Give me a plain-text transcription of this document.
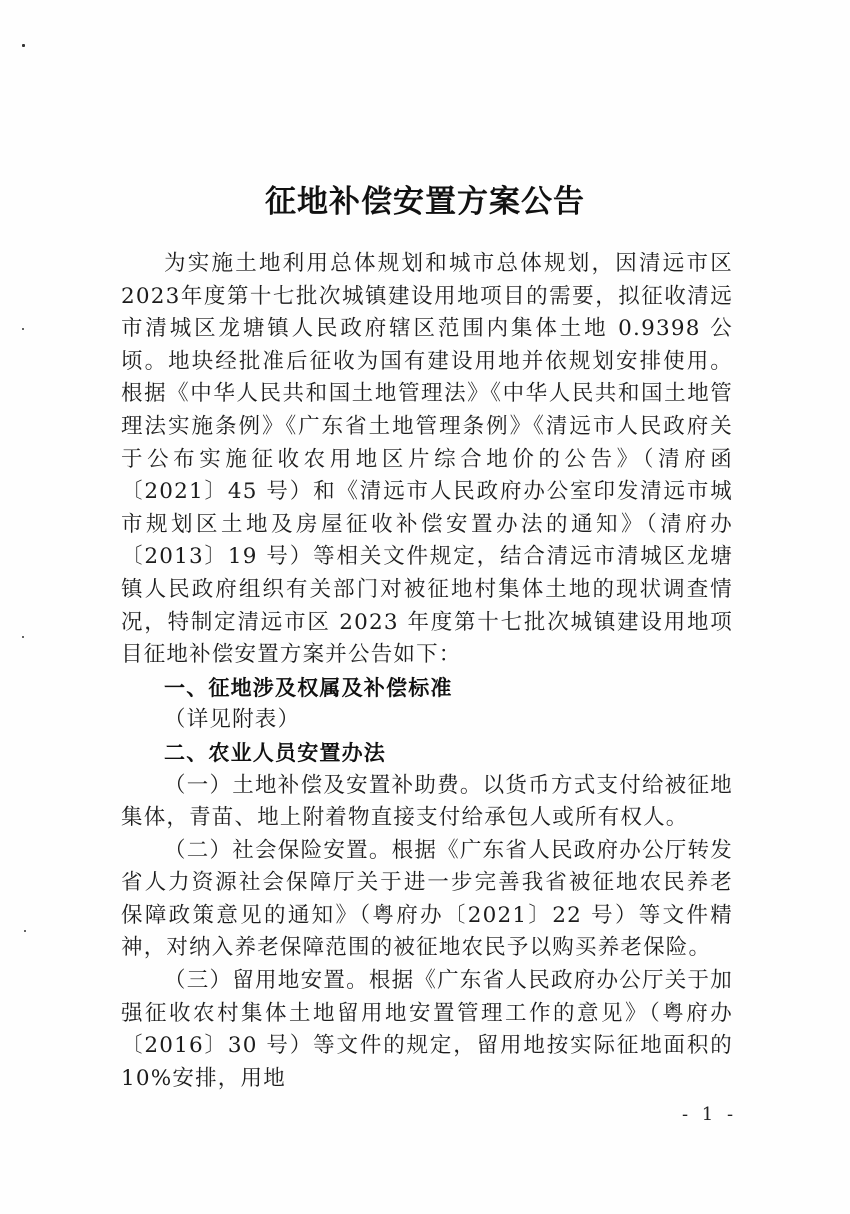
征地补偿安置方案公告

为实施土地利用总体规划和城市总体规划，因清远市区2023年度第十七批次城镇建设用地项目的需要，拟征收清远市清城区龙塘镇人民政府辖区范围内集体土地 0.9398 公顷。地块经批准后征收为国有建设用地并依规划安排使用。根据《中华人民共和国土地管理法》《中华人民共和国土地管理法实施条例》《广东省土地管理条例》《清远市人民政府关于公布实施征收农用地区片综合地价的公告》（清府函〔2021〕45 号）和《清远市人民政府办公室印发清远市城市规划区土地及房屋征收补偿安置办法的通知》（清府办〔2013〕19 号）等相关文件规定，结合清远市清城区龙塘镇人民政府组织有关部门对被征地村集体土地的现状调查情况，特制定清远市区 2023 年度第十七批次城镇建设用地项目征地补偿安置方案并公告如下：

一、征地涉及权属及补偿标准

（详见附表）

二、农业人员安置办法

（一）土地补偿及安置补助费。以货币方式支付给被征地集体，青苗、地上附着物直接支付给承包人或所有权人。

（二）社会保险安置。根据《广东省人民政府办公厅转发省人力资源社会保障厅关于进一步完善我省被征地农民养老保障政策意见的通知》（粤府办〔2021〕22 号）等文件精神，对纳入养老保障范围的被征地农民予以购买养老保险。

（三）留用地安置。根据《广东省人民政府办公厅关于加强征收农村集体土地留用地安置管理工作的意见》（粤府办〔2016〕30 号）等文件的规定，留用地按实际征地面积的 10%安排，用地

- 1 -
